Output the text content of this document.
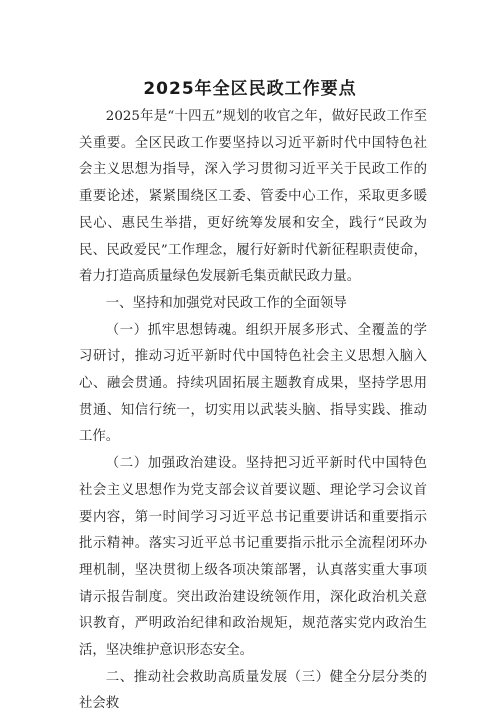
2025年全区民政工作要点

2025年是“十四五”规划的收官之年，做好民政工作至关重要。全区民政工作要坚持以习近平新时代中国特色社会主义思想为指导，深入学习贯彻习近平关于民政工作的重要论述，紧紧围绕区工委、管委中心工作，采取更多暖民心、惠民生举措，更好统筹发展和安全，践行“民政为民、民政爱民”工作理念，履行好新时代新征程职责使命，着力打造高质量绿色发展新毛集贡献民政力量。

一、坚持和加强党对民政工作的全面领导

（一）抓牢思想铸魂。组织开展多形式、全覆盖的学习研讨，推动习近平新时代中国特色社会主义思想入脑入心、融会贯通。持续巩固拓展主题教育成果，坚持学思用贯通、知信行统一，切实用以武装头脑、指导实践、推动工作。

（二）加强政治建设。坚持把习近平新时代中国特色社会主义思想作为党支部会议首要议题、理论学习会议首要内容，第一时间学习习近平总书记重要讲话和重要指示批示精神。落实习近平总书记重要指示批示全流程闭环办理机制，坚决贯彻上级各项决策部署，认真落实重大事项请示报告制度。突出政治建设统领作用，深化政治机关意识教育，严明政治纪律和政治规矩，规范落实党内政治生活，坚决维护意识形态安全。

二、推动社会救助高质量发展（三）健全分层分类的社会救
